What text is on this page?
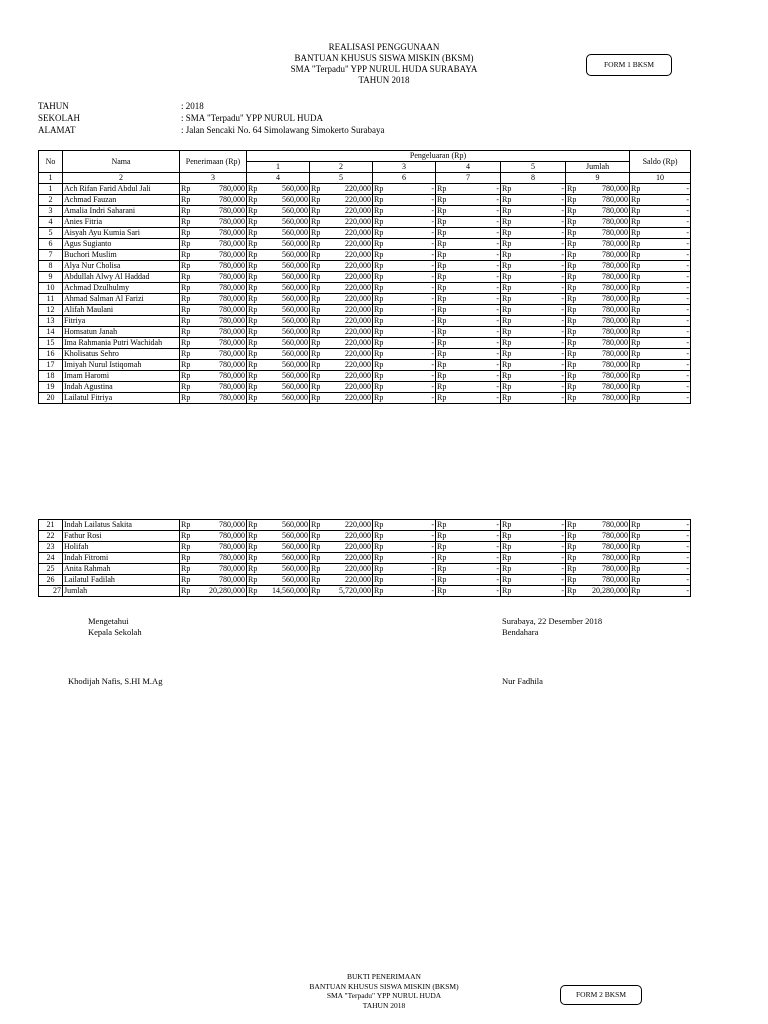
REALISASI PENGGUNAAN
BANTUAN KHUSUS SISWA MISKIN (BKSM)
SMA "Terpadu" YPP NURUL HUDA SURABAYA
TAHUN 2018
FORM 1 BKSM
TAHUN	: 2018
SEKOLAH	: SMA "Terpadu" YPP NURUL HUDA
ALAMAT	: Jalan Sencaki No. 64 Simolawang Simokerto Surabaya
No	Nama	Penerimaan (Rp)	Pengeluaran (Rp)						Saldo (Rp)
			1	2	3	4	5	Jumlah	
1	2	3	4	5	6	7	8	9	10
1	Ach Rifan Farid Abdul Jali	Rp 780,000	Rp 560,000	Rp 220,000	Rp -	Rp -	Rp -	Rp 780,000	Rp -

2	Achmad Fauzan	Rp 780,000	Rp 560,000	Rp 220,000	Rp -	Rp -	Rp -	Rp 780,000	Rp -

3	Amalia Indri Saharani	Rp 780,000	Rp 560,000	Rp 220,000	Rp -	Rp -	Rp -	Rp 780,000	Rp -

4	Anies Fitria	Rp 780,000	Rp 560,000	Rp 220,000	Rp -	Rp -	Rp -	Rp 780,000	Rp -

5	Aisyah Ayu Kumia Sari	Rp 780,000	Rp 560,000	Rp 220,000	Rp -	Rp -	Rp -	Rp 780,000	Rp -

6	Agus Sugianto	Rp 780,000	Rp 560,000	Rp 220,000	Rp -	Rp -	Rp -	Rp 780,000	Rp -

7	Buchori Muslim	Rp 780,000	Rp 560,000	Rp 220,000	Rp -	Rp -	Rp -	Rp 780,000	Rp -

8	Alya Nur Cholisa	Rp 780,000	Rp 560,000	Rp 220,000	Rp -	Rp -	Rp -	Rp 780,000	Rp -

9	Abdullah Alwy Al Haddad	Rp 780,000	Rp 560,000	Rp 220,000	Rp -	Rp -	Rp -	Rp 780,000	Rp -

10	Achmad Dzulhulmy	Rp 780,000	Rp 560,000	Rp 220,000	Rp -	Rp -	Rp -	Rp 780,000	Rp -

11	Ahmad Salman Al Farizi	Rp 780,000	Rp 560,000	Rp 220,000	Rp -	Rp -	Rp -	Rp 780,000	Rp -

12	Alifah Maulani	Rp 780,000	Rp 560,000	Rp 220,000	Rp -	Rp -	Rp -	Rp 780,000	Rp -

13	Fitriya	Rp 780,000	Rp 560,000	Rp 220,000	Rp -	Rp -	Rp -	Rp 780,000	Rp -

14	Homsatun Janah	Rp 780,000	Rp 560,000	Rp 220,000	Rp -	Rp -	Rp -	Rp 780,000	Rp -

15	Ima Rahmania Putri Wachidah	Rp 780,000	Rp 560,000	Rp 220,000	Rp -	Rp -	Rp -	Rp 780,000	Rp -

16	Kholisatus Sehro	Rp 780,000	Rp 560,000	Rp 220,000	Rp -	Rp -	Rp -	Rp 780,000	Rp -

17	Imiyah Nurul Istiqomah	Rp 780,000	Rp 560,000	Rp 220,000	Rp -	Rp -	Rp -	Rp 780,000	Rp -

18	Imam Haromi	Rp 780,000	Rp 560,000	Rp 220,000	Rp -	Rp -	Rp -	Rp 780,000	Rp -

19	Indah Agustina	Rp 780,000	Rp 560,000	Rp 220,000	Rp -	Rp -	Rp -	Rp 780,000	Rp -

20	Lailatul Fitriya	Rp 780,000	Rp 560,000	Rp 220,000	Rp -	Rp -	Rp -	Rp 780,000	Rp -
21	Indah Lailatus Sakita	Rp 780,000	Rp 560,000	Rp 220,000	Rp -	Rp -	Rp -	Rp 780,000	Rp -

22	Fathur Rosi	Rp 780,000	Rp 560,000	Rp 220,000	Rp -	Rp -	Rp -	Rp 780,000	Rp -

23	Holifah	Rp 780,000	Rp 560,000	Rp 220,000	Rp -	Rp -	Rp -	Rp 780,000	Rp -

24	Indah Fitromi	Rp 780,000	Rp 560,000	Rp 220,000	Rp -	Rp -	Rp -	Rp 780,000	Rp -

25	Anita Rahmah	Rp 780,000	Rp 560,000	Rp 220,000	Rp -	Rp -	Rp -	Rp 780,000	Rp -

26	Lailatul Fadilah	Rp 780,000	Rp 560,000	Rp 220,000	Rp -	Rp -	Rp -	Rp 780,000	Rp -

27	Jumlah	Rp 20,280,000	Rp 14,560,000	Rp 5,720,000	Rp -	Rp -	Rp -	Rp 20,280,000	Rp -
Mengetahui
Kepala Sekolah
Khodijah Nafis, S.HI M.Ag
Surabaya, 22 Desember 2018
Bendahara
Nur Fadhila
BUKTI PENERIMAAN
BANTUAN KHUSUS SISWA MISKIN (BKSM)
SMA "Terpadu" YPP NURUL HUDA
TAHUN 2018
FORM 2 BKSM
